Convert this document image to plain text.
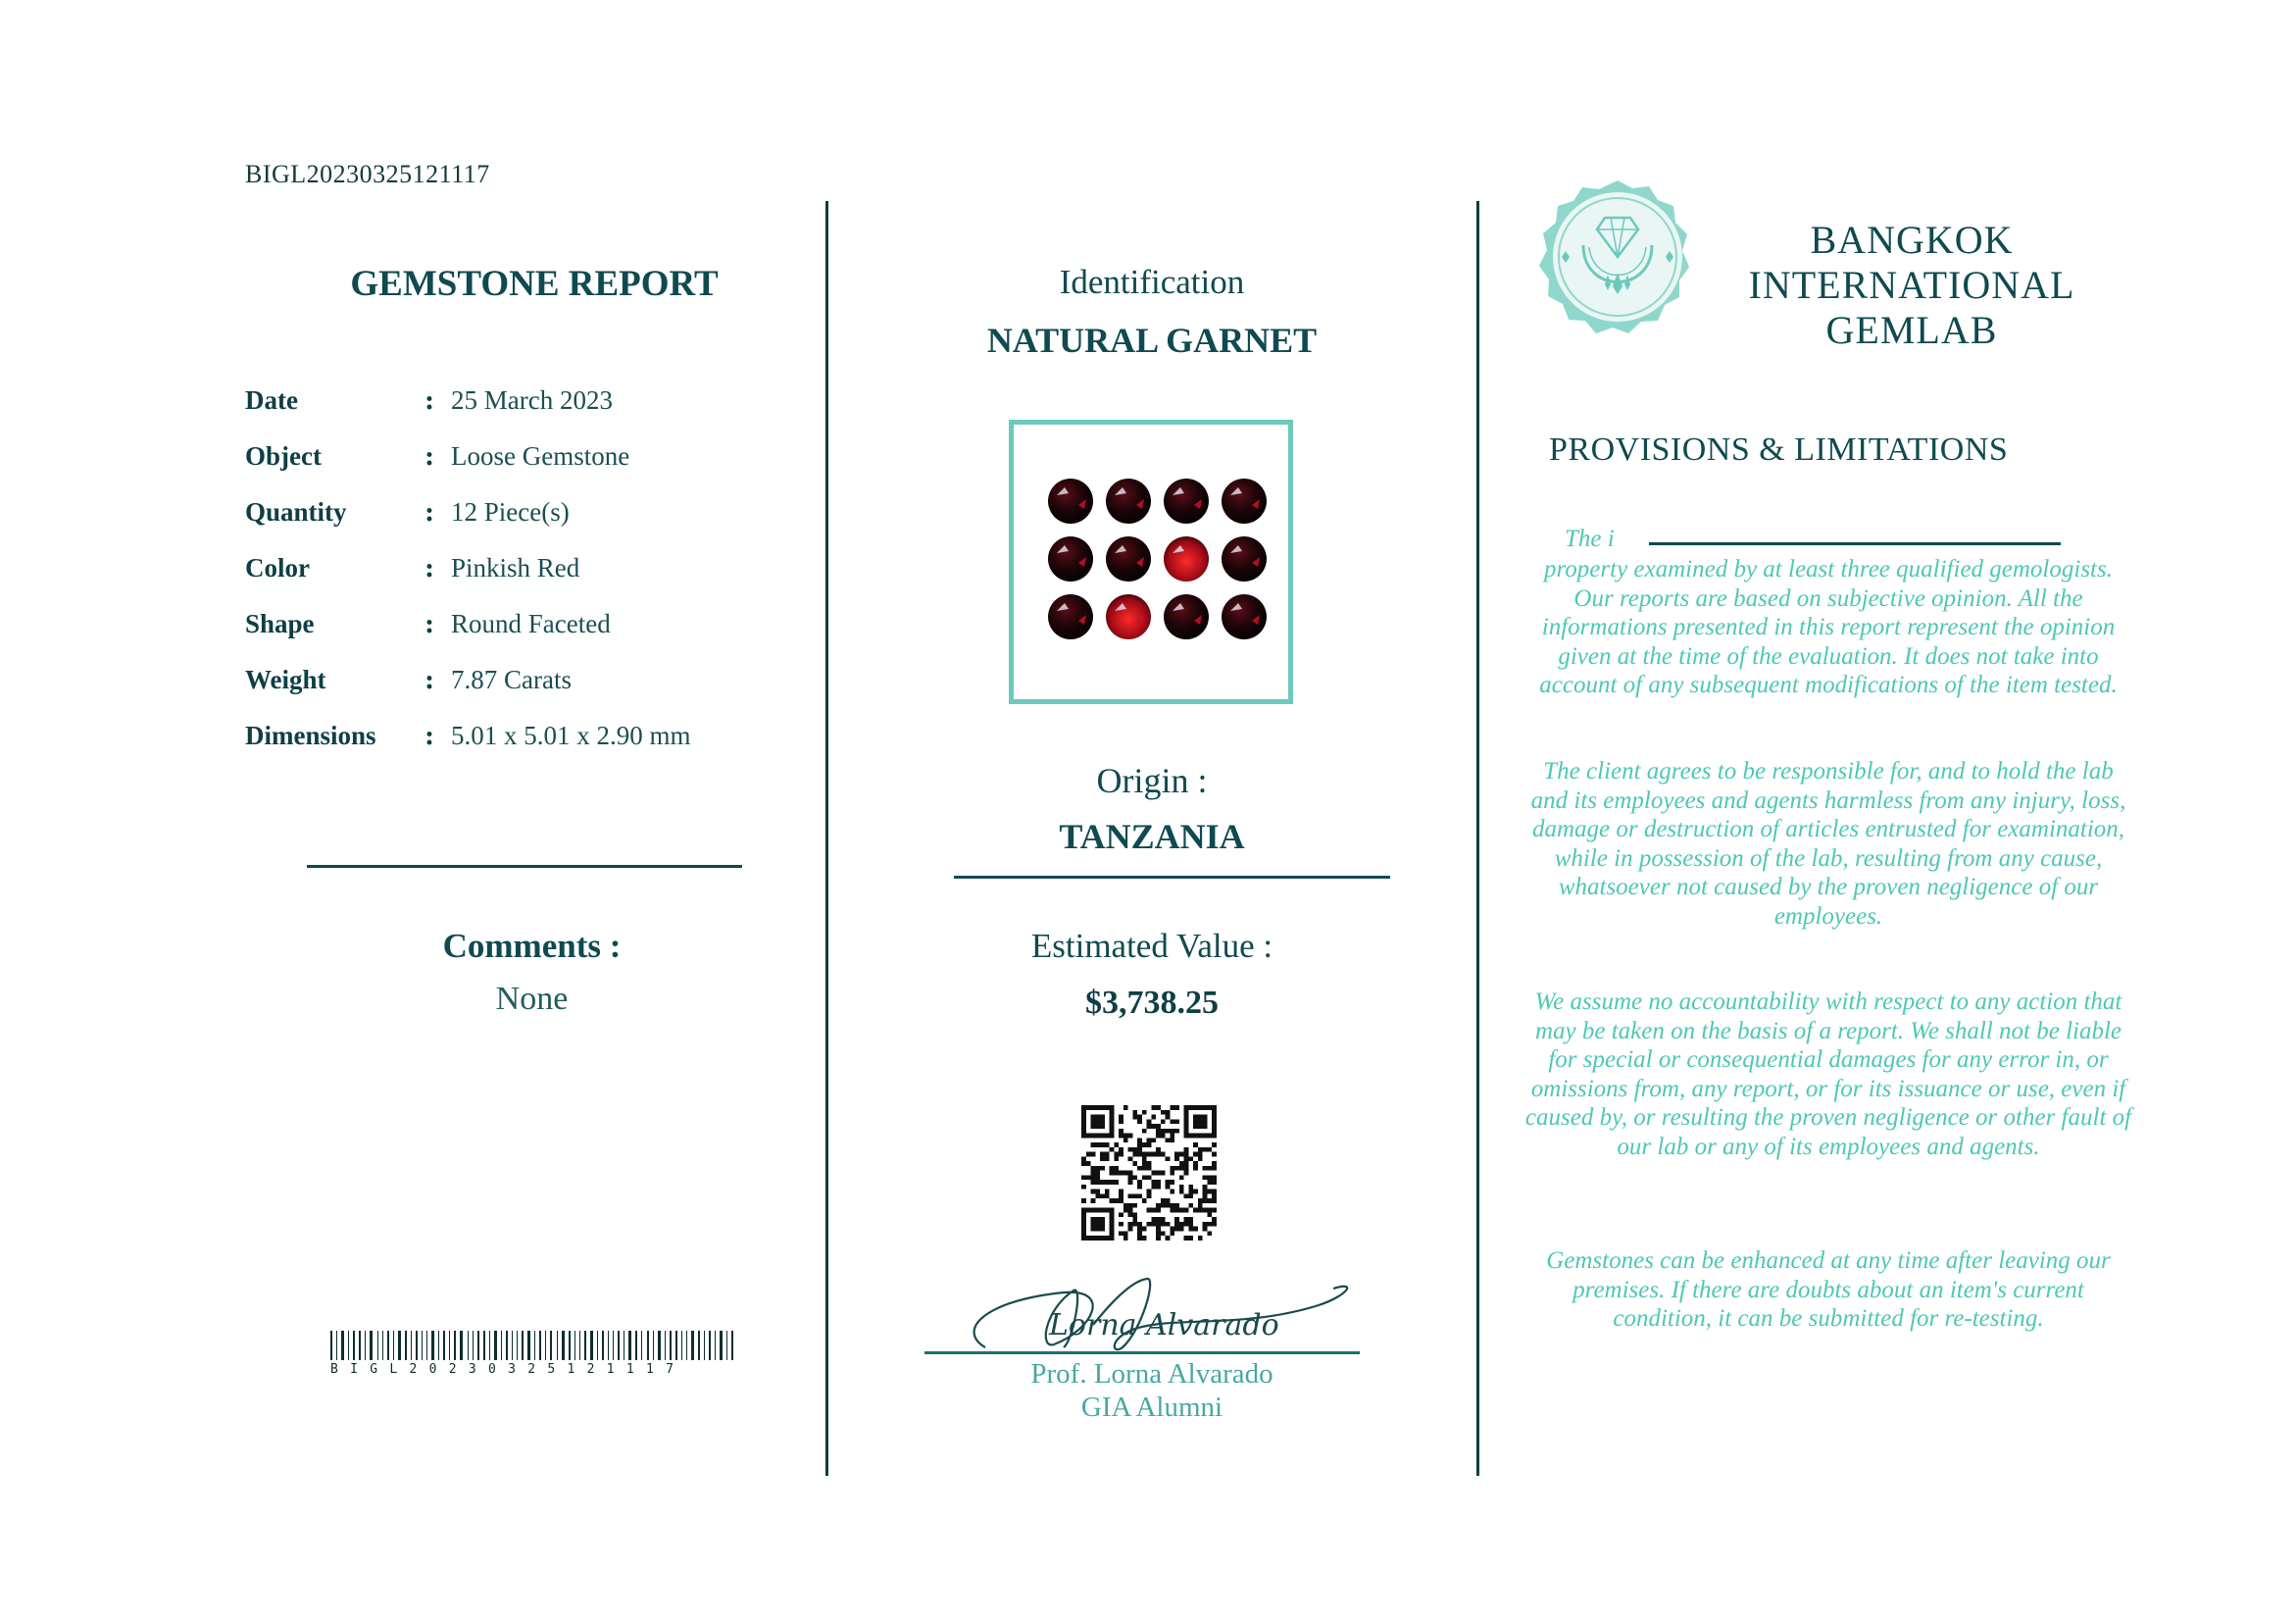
BIGL20230325121117
GEMSTONE REPORT
Date	: 25 March 2023
Object	: Loose Gemstone
Quantity	: 12 Piece(s)
Color	: Pinkish Red
Shape	: Round Faceted
Weight	: 7.87 Carats
Dimensions	: 5.01 x 5.01 x 2.90 mm
Comments :
None
BIGL20230325121117
Identification
NATURAL GARNET
Origin :
TANZANIA
Estimated Value :
$3,738.25
Lorna Alvarado
Prof. Lorna Alvarado
GIA Alumni
BANGKOK
INTERNATIONAL
GEMLAB
PROVISIONS & LIMITATIONS
The i
property examined by at least three qualified gemologists. Our reports are based on subjective opinion. All the informations presented in this report represent the opinion given at the time of the evaluation. It does not take into account of any subsequent modifications of the item tested.
The client agrees to be responsible for, and to hold the lab and its employees and agents harmless from any injury, loss, damage or destruction of articles entrusted for examination, while in possession of the lab, resulting from any cause, whatsoever not caused by the proven negligence of our employees.
We assume no accountability with respect to any action that may be taken on the basis of a report. We shall not be liable for special or consequential damages for any error in, or omissions from, any report, or for its issuance or use, even if caused by, or resulting the proven negligence or other fault of our lab or any of its employees and agents.
Gemstones can be enhanced at any time after leaving our premises. If there are doubts about an item's current condition, it can be submitted for re-testing.
